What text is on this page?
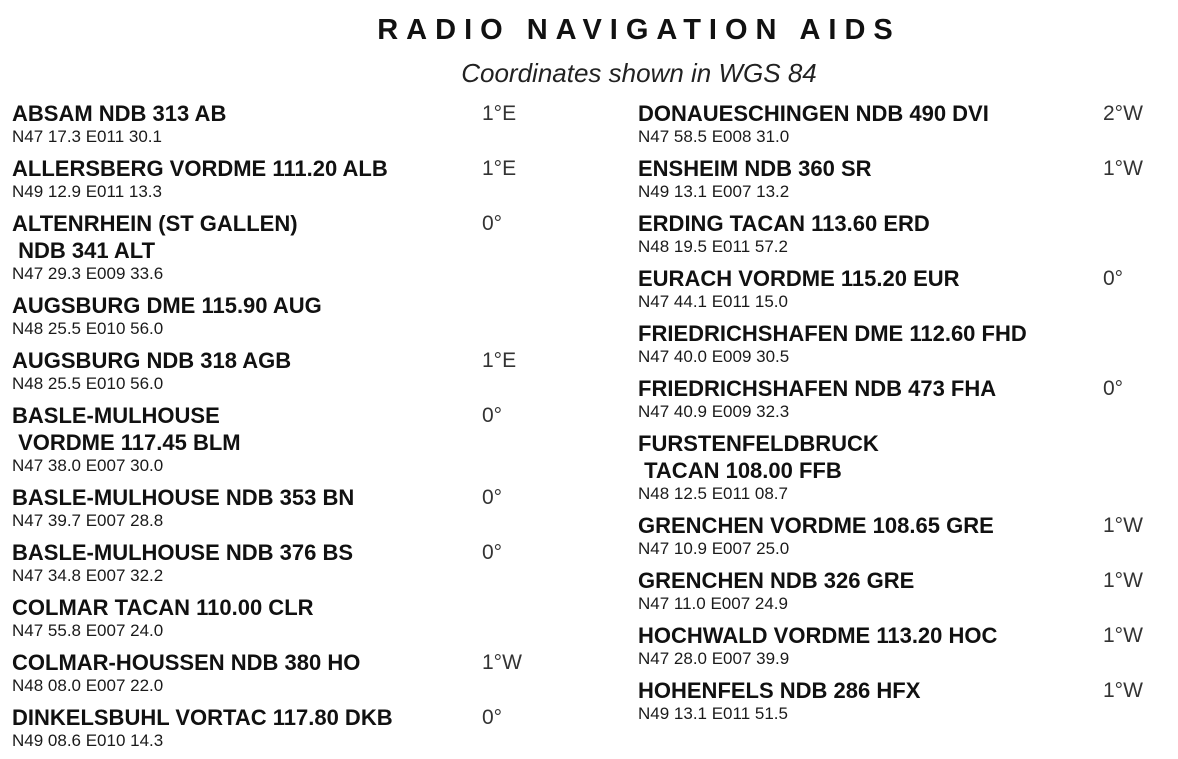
RADIO NAVIGATION AIDS
Coordinates shown in WGS 84
ABSAM NDB 313 AB
N47 17.3 E011 30.1
1°E
ALLERSBERG VORDME 111.20 ALB
N49 12.9 E011 13.3
1°E
ALTENRHEIN (ST GALLEN)
NDB 341 ALT
N47 29.3 E009 33.6
0°
AUGSBURG DME 115.90 AUG
N48 25.5 E010 56.0
AUGSBURG NDB 318 AGB
N48 25.5 E010 56.0
1°E
BASLE-MULHOUSE
VORDME 117.45 BLM
N47 38.0 E007 30.0
0°
BASLE-MULHOUSE NDB 353 BN
N47 39.7 E007 28.8
0°
BASLE-MULHOUSE NDB 376 BS
N47 34.8 E007 32.2
0°
COLMAR TACAN 110.00 CLR
N47 55.8 E007 24.0
COLMAR-HOUSSEN NDB 380 HO
N48 08.0 E007 22.0
1°W
DINKELSBUHL VORTAC 117.80 DKB
N49 08.6 E010 14.3
0°
DONAUESCHINGEN NDB 490 DVI
N47 58.5 E008 31.0
2°W
ENSHEIM NDB 360 SR
N49 13.1 E007 13.2
1°W
ERDING TACAN 113.60 ERD
N48 19.5 E011 57.2
EURACH VORDME 115.20 EUR
N47 44.1 E011 15.0
0°
FRIEDRICHSHAFEN DME 112.60 FHD
N47 40.0 E009 30.5
FRIEDRICHSHAFEN NDB 473 FHA
N47 40.9 E009 32.3
0°
FURSTENFELDBRUCK
TACAN 108.00 FFB
N48 12.5 E011 08.7
GRENCHEN VORDME 108.65 GRE
N47 10.9 E007 25.0
1°W
GRENCHEN NDB 326 GRE
N47 11.0 E007 24.9
1°W
HOCHWALD VORDME 113.20 HOC
N47 28.0 E007 39.9
1°W
HOHENFELS NDB 286 HFX
N49 13.1 E011 51.5
1°W
